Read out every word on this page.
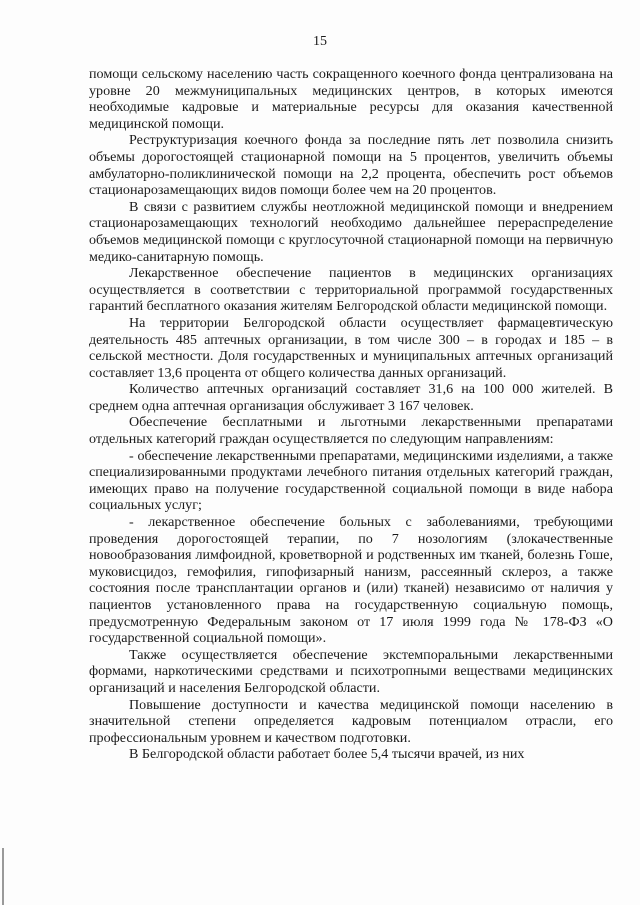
15

помощи сельскому населению часть сокращенного коечного фонда централизована на уровне 20 межмуниципальных медицинских центров, в которых имеются необходимые кадровые и материальные ресурсы для оказания качественной медицинской помощи.

Реструктуризация коечного фонда за последние пять лет позволила снизить объемы дорогостоящей стационарной помощи на 5 процентов, увеличить объемы амбулаторно-поликлинической помощи на 2,2 процента, обеспечить рост объемов стационарозамещающих видов помощи более чем на 20 процентов.

В связи с развитием службы неотложной медицинской помощи и внедрением стационарозамещающих технологий необходимо дальнейшее перераспределение объемов медицинской помощи с круглосуточной стационарной помощи на первичную медико-санитарную помощь.

Лекарственное обеспечение пациентов в медицинских организациях осуществляется в соответствии с территориальной программой государственных гарантий бесплатного оказания жителям Белгородской области медицинской помощи.

На территории Белгородской области осуществляет фармацевтическую деятельность 485 аптечных организации, в том числе 300 – в городах и 185 – в сельской местности. Доля государственных и муниципальных аптечных организаций составляет 13,6 процента от общего количества данных организаций.

Количество аптечных организаций составляет 31,6 на 100 000 жителей. В среднем одна аптечная организация обслуживает 3 167 человек.

Обеспечение бесплатными и льготными лекарственными препаратами отдельных категорий граждан осуществляется по следующим направлениям:

- обеспечение лекарственными препаратами, медицинскими изделиями, а также специализированными продуктами лечебного питания отдельных категорий граждан, имеющих право на получение государственной социальной помощи в виде набора социальных услуг;

- лекарственное обеспечение больных с заболеваниями, требующими проведения дорогостоящей терапии, по 7 нозологиям (злокачественные новообразования лимфоидной, кроветворной и родственных им тканей, болезнь Гоше, муковисцидоз, гемофилия, гипофизарный нанизм, рассеянный склероз, а также состояния после трансплантации органов и (или) тканей) независимо от наличия у пациентов установленного права на государственную социальную помощь, предусмотренную Федеральным законом от 17 июля 1999 года № 178-ФЗ «О государственной социальной помощи».

Также осуществляется обеспечение экстемпоральными лекарственными формами, наркотическими средствами и психотропными веществами медицинских организаций и населения Белгородской области.

Повышение доступности и качества медицинской помощи населению в значительной степени определяется кадровым потенциалом отрасли, его профессиональным уровнем и качеством подготовки.

В Белгородской области работает более 5,4 тысячи врачей, из них
